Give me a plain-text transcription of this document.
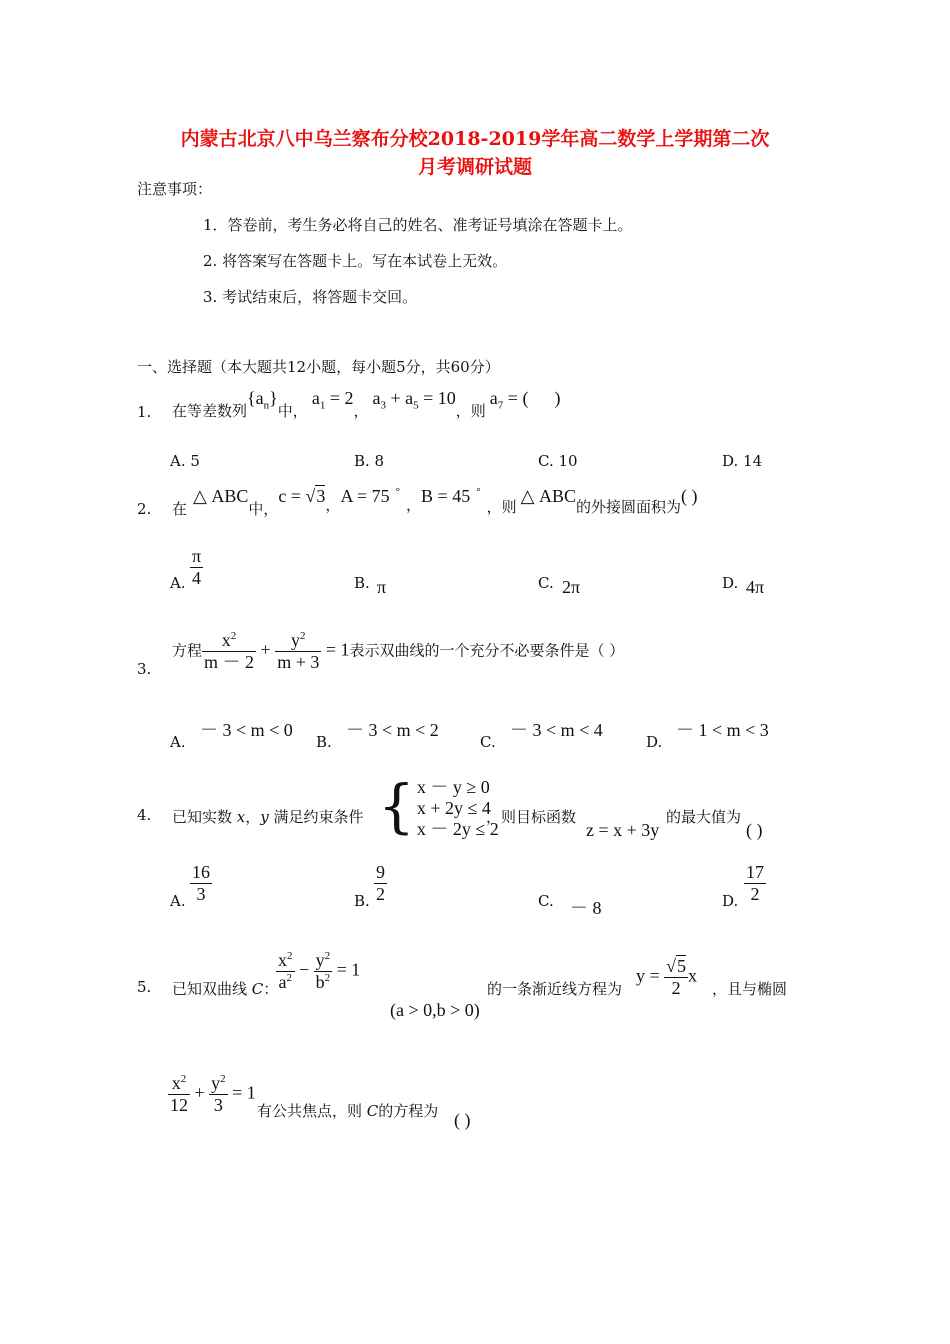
内蒙古北京八中乌兰察布分校2018-2019学年高二数学上学期第二次
月考调研试题
注意事项：
1．答卷前，考生务必将自己的姓名、准考证号填涂在答题卡上。
2. 将答案写在答题卡上。写在本试卷上无效。
3. 考试结束后，将答题卡交回。
一、选择题（本大题共12小题，每小题5分，共60分）
1. 在等差数列$\{a_n\}$中，$a_1 = 2$，$a_3 + a_5 = 10$，则$a_7$ = ( )
A. 5	B. 8	C. 10	D. 14
2. 在△ ABC中，c = √3，A = 75 °，B = 45 °，则△ ABC的外接圆面积为( )
A. $\frac{\pi}{4}$	B. π	C. 2π	D. 4π
3.
方程 $\frac{x^2}{m - 2} + \frac{y^2}{m + 3} = 1$表示双曲线的一个充分不必要条件是（ ）
A.
－ 3 < m < 0
B.
－ 3 < m < 2
C.
－ 3 < m < 4
D.
－ 1 < m < 3
4. 已知实数 x，y 满足约束条件 { x － y ≥ 0
x + 2y ≤ 4
x － 2y ≤ 2
，则目标函数	的最大值为
z = x + 3y	( )
A. $\frac{16}{3}$	B. $\frac{9}{2}$	C. － 8	D. $\frac{17}{2}$
5. 已知双曲线 C：
$\frac{x^2}{a^2} - \frac{y^2}{b^2} = 1$
(a > 0,b > 0)
的一条渐近线方程为
$y = \frac{√5}{2}$ x
，且与椭圆
$\frac{x^2}{12} + \frac{y^2}{3} = 1$
有公共焦点，则 C的方程为 ( )
